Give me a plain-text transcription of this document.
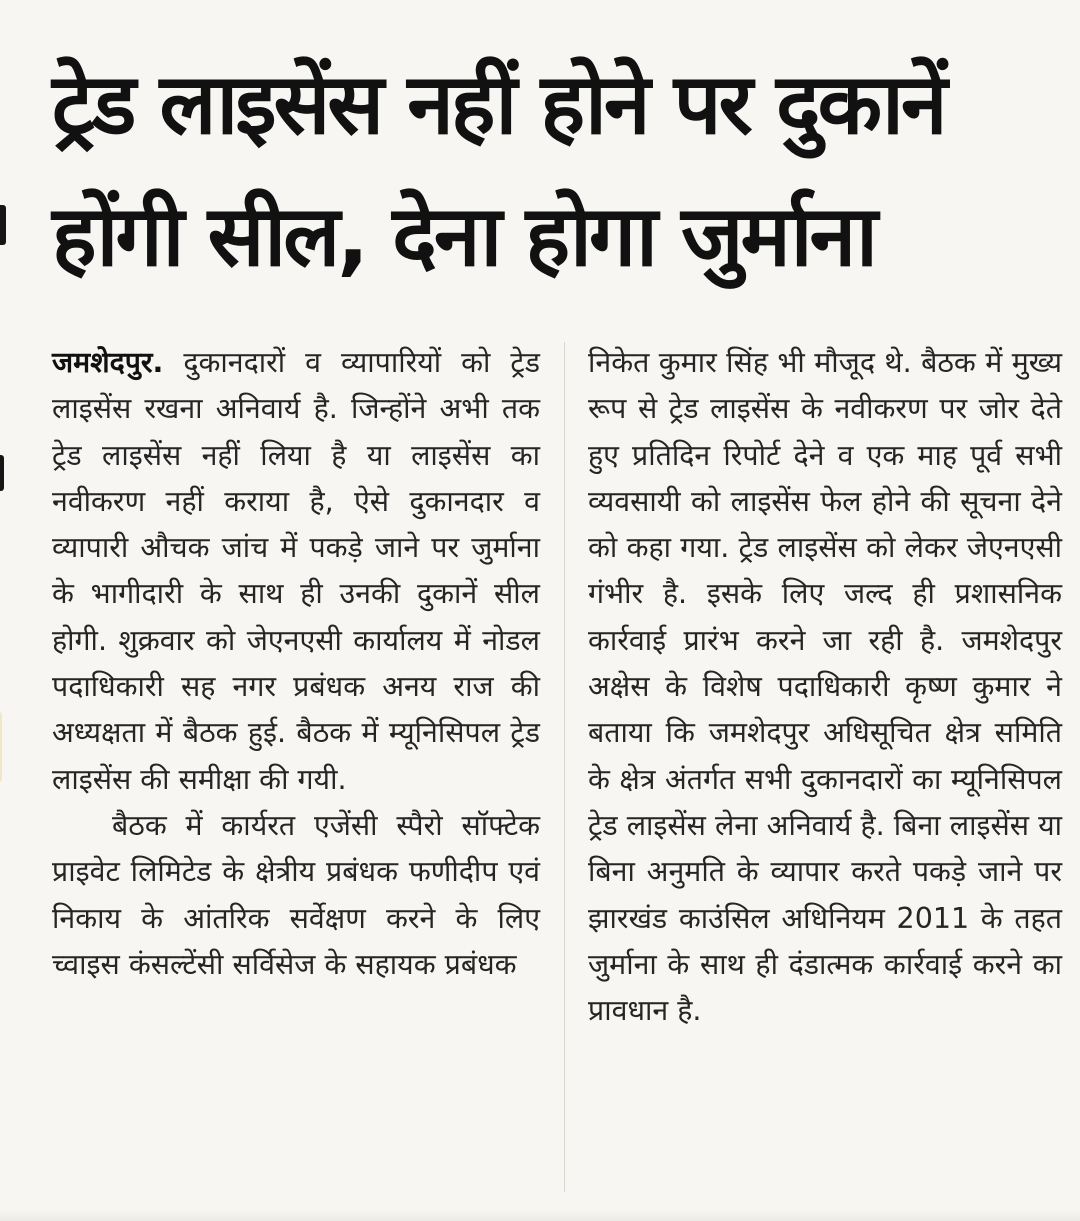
ट्रेड लाइसेंस नहीं होने पर दुकानें
होंगी सील, देना होगा जुर्माना

जमशेदपुर. दुकानदारों व व्यापारियों को ट्रेड लाइसेंस रखना अनिवार्य है. जिन्होंने अभी तक ट्रेड लाइसेंस नहीं लिया है या लाइसेंस का नवीकरण नहीं कराया है, ऐसे दुकानदार व व्यापारी औचक जांच में पकड़े जाने पर जुर्माना के भागीदारी के साथ ही उनकी दुकानें सील होगी. शुक्रवार को जेएनएसी कार्यालय में नोडल पदाधिकारी सह नगर प्रबंधक अनय राज की अध्यक्षता में बैठक हुई. बैठक में म्यूनिसिपल ट्रेड लाइसेंस की समीक्षा की गयी.

बैठक में कार्यरत एजेंसी स्पैरो सॉफ्टेक प्राइवेट लिमिटेड के क्षेत्रीय प्रबंधक फणीदीप एवं निकाय के आंतरिक सर्वेक्षण करने के लिए च्वाइस कंसल्टेंसी सर्विसेज के सहायक प्रबंधक

निकेत कुमार सिंह भी मौजूद थे. बैठक में मुख्य रूप से ट्रेड लाइसेंस के नवीकरण पर जोर देते हुए प्रतिदिन रिपोर्ट देने व एक माह पूर्व सभी व्यवसायी को लाइसेंस फेल होने की सूचना देने को कहा गया. ट्रेड लाइसेंस को लेकर जेएनएसी गंभीर है. इसके लिए जल्द ही प्रशासनिक कार्रवाई प्रारंभ करने जा रही है. जमशेदपुर अक्षेस के विशेष पदाधिकारी कृष्ण कुमार ने बताया कि जमशेदपुर अधिसूचित क्षेत्र समिति के क्षेत्र अंतर्गत सभी दुकानदारों का म्यूनिसिपल ट्रेड लाइसेंस लेना अनिवार्य है. बिना लाइसेंस या बिना अनुमति के व्यापार करते पकड़े जाने पर झारखंड काउंसिल अधिनियम 2011 के तहत जुर्माना के साथ ही दंडात्मक कार्रवाई करने का प्रावधान है.
